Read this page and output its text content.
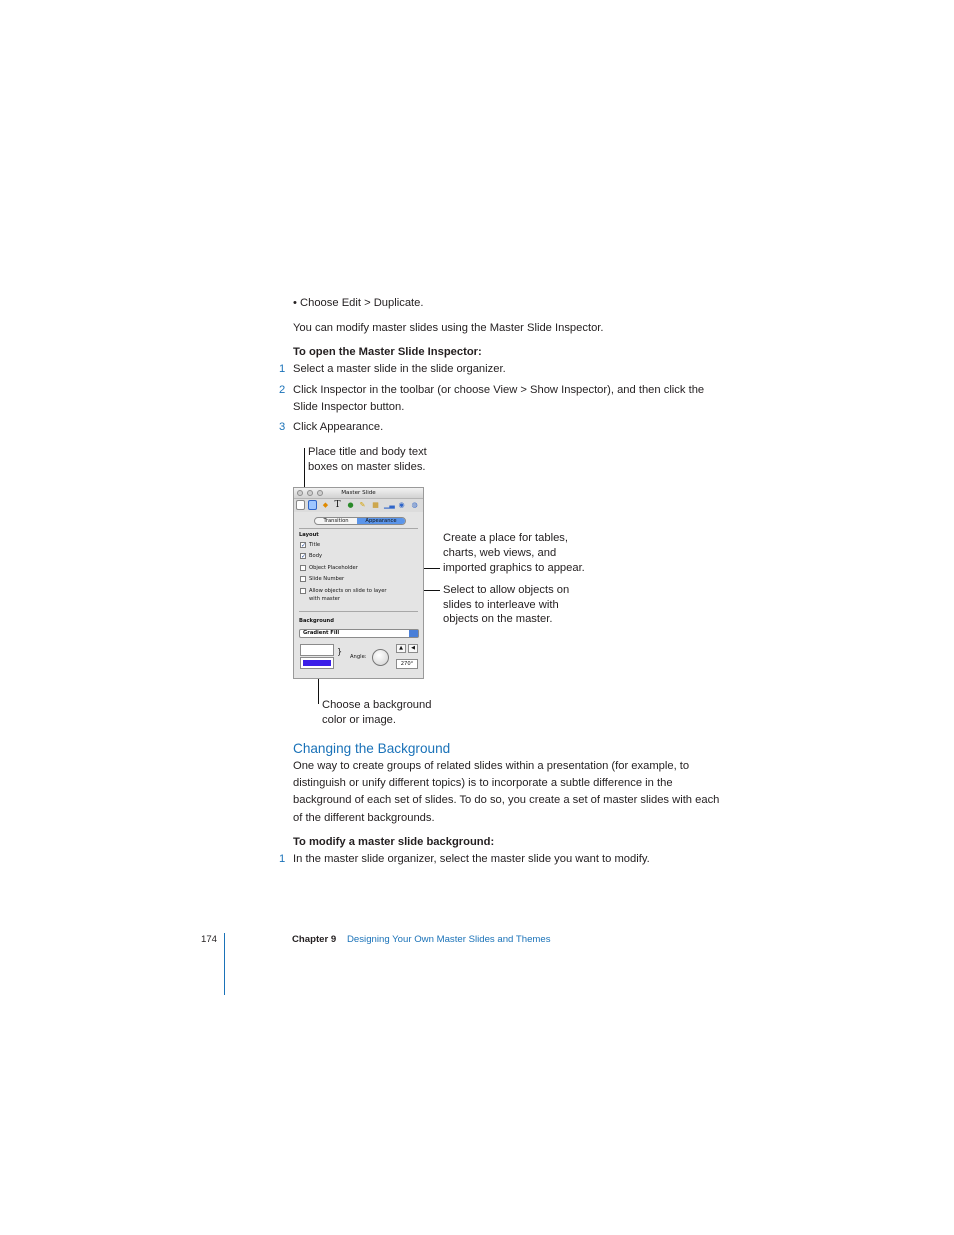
• Choose Edit > Duplicate.
You can modify master slides using the Master Slide Inspector.
To open the Master Slide Inspector:
1 Select a master slide in the slide organizer.
2 Click Inspector in the toolbar (or choose View > Show Inspector), and then click the
Slide Inspector button.
3 Click Appearance.
Place title and body text
boxes on master slides.
Create a place for tables,
charts, web views, and
imported graphics to appear.
Select to allow objects on
slides to interleave with
objects on the master.
Choose a background
color or image.
Master Slide
◆ T ● ✎ ▦ ▁▃ ◉ ◍
Transition	Appearance
Layout
✓ Title
✓ Body
Object Placeholder
Slide Number
Allow objects on slide to layer
with master
Background
Gradient Fill
}
Angle:
▲	◀
270°
Changing the Background
One way to create groups of related slides within a presentation (for example, to
distinguish or unify different topics) is to incorporate a subtle difference in the
background of each set of slides. To do so, you create a set of master slides with each
of the different backgrounds.
To modify a master slide background:
1 In the master slide organizer, select the master slide you want to modify.
174	Chapter 9 Designing Your Own Master Slides and Themes
